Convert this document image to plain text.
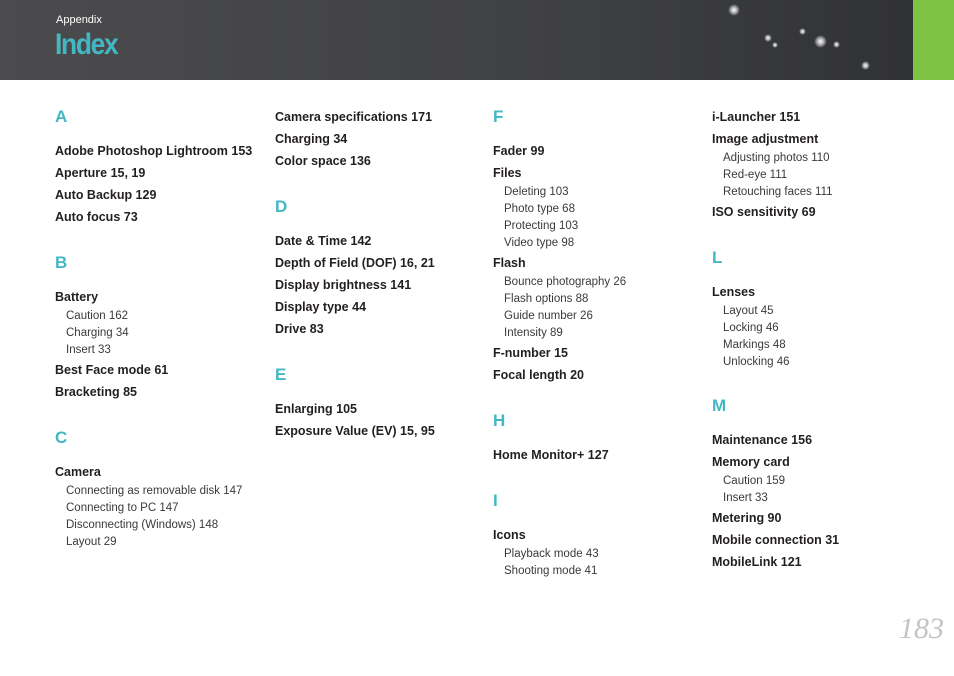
Appendix
Index
A
Adobe Photoshop Lightroom 153
Aperture 15, 19
Auto Backup 129
Auto focus 73
B
Battery
Caution 162
Charging 34
Insert 33
Best Face mode 61
Bracketing 85
C
Camera
Connecting as removable disk 147
Connecting to PC 147
Disconnecting (Windows) 148
Layout 29
Camera specifications 171
Charging 34
Color space 136
D
Date & Time 142
Depth of Field (DOF) 16, 21
Display brightness 141
Display type 44
Drive 83
E
Enlarging 105
Exposure Value (EV) 15, 95
F
Fader 99
Files
Deleting 103
Photo type 68
Protecting 103
Video type 98
Flash
Bounce photography 26
Flash options 88
Guide number 26
Intensity 89
F-number 15
Focal length 20
H
Home Monitor+ 127
I
Icons
Playback mode 43
Shooting mode 41
i-Launcher 151
Image adjustment
Adjusting photos 110
Red-eye 111
Retouching faces 111
ISO sensitivity 69
L
Lenses
Layout 45
Locking 46
Markings 48
Unlocking 46
M
Maintenance 156
Memory card
Caution 159
Insert 33
Metering 90
Mobile connection 31
MobileLink 121
183
